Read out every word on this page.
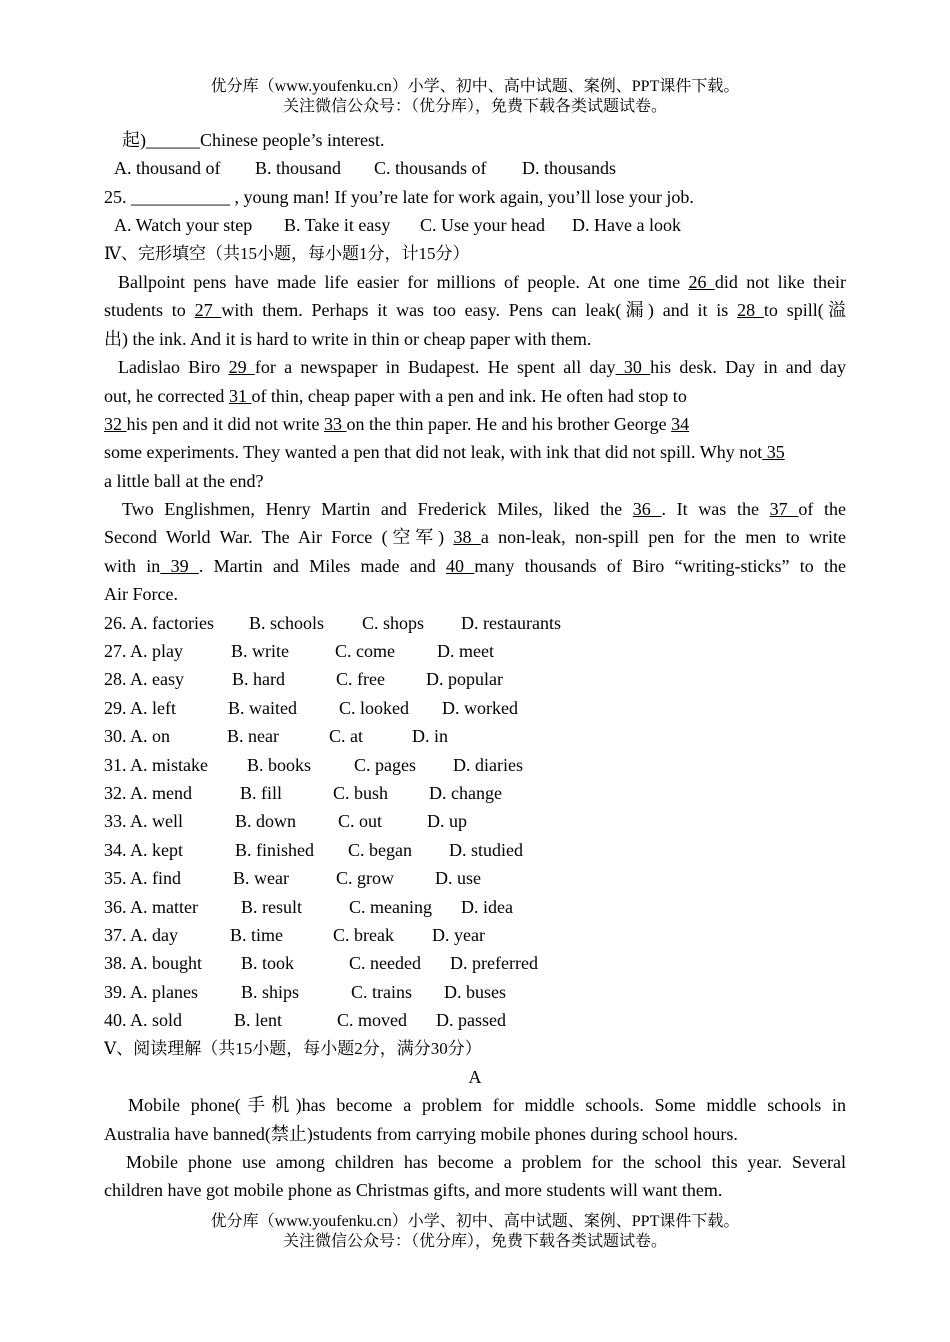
优分库（www.youfenku.cn）小学、初中、高中试题、案例、PPT课件下载。
关注微信公众号：（优分库），免费下载各类试题试卷。
起)______Chinese people’s interest.
A. thousand of B. thousand C. thousands of D. thousands
25. ___________ , young man! If you’re late for work again, you’ll lose your job.
A. Watch your step B. Take it easy C. Use your head D. Have a look
Ⅳ、完形填空（共15小题，每小题1分，计15分）
Ballpoint pens have made life easier for millions of people. At one time 26 did not like their
students to 27 with them. Perhaps it was too easy. Pens can leak(漏) and it is 28 to spill(溢
出) the ink. And it is hard to write in thin or cheap paper with them.
Ladislao Biro 29 for a newspaper in Budapest. He spent all day 30 his desk. Day in and day
out, he corrected 31 of thin, cheap paper with a pen and ink. He often had stop to
32 his pen and it did not write 33 on the thin paper. He and his brother George 34
some experiments. They wanted a pen that did not leak, with ink that did not spill. Why not 35
a little ball at the end?
Two Englishmen, Henry Martin and Frederick Miles, liked the 36 . It was the 37 of the
Second World War. The Air Force (空军) 38 a non-leak, non-spill pen for the men to write
with in 39 . Martin and Miles made and 40 many thousands of Biro “writing-sticks” to the
Air Force.
26. A. factories B. schools C. shops D. restaurants
27. A. play	B. write	C. come D. meet
28. A. easy	B. hard	C. free D. popular
29. A. left	B. waited C. looked D. worked
30. A. on	B. near	C. at	D. in
31. A. mistake B. books C. pages D. diaries
32. A. mend	B. fill	C. bush D. change
33. A. well	B. down C. out D. up
34. A. kept	B. finished C. began D. studied
35. A. find	B. wear	C. grow D. use
36. A. matter B. result	C. meaning D. idea
37. A. day	B. time	C. break D. year
38. A. bought B. took	C. needed D. preferred
39. A. planes B. ships	C. trains D. buses
40. A. sold	B. lent	C. moved D. passed
Ⅴ、阅读理解（共15小题，每小题2分，满分30分）
A
Mobile phone(手机)has become a problem for middle schools. Some middle schools in
Australia have banned(禁止)students from carrying mobile phones during school hours.
Mobile phone use among children has become a problem for the school this year. Several
children have got mobile phone as Christmas gifts, and more students will want them.
优分库（www.youfenku.cn）小学、初中、高中试题、案例、PPT课件下载。
关注微信公众号：（优分库），免费下载各类试题试卷。
